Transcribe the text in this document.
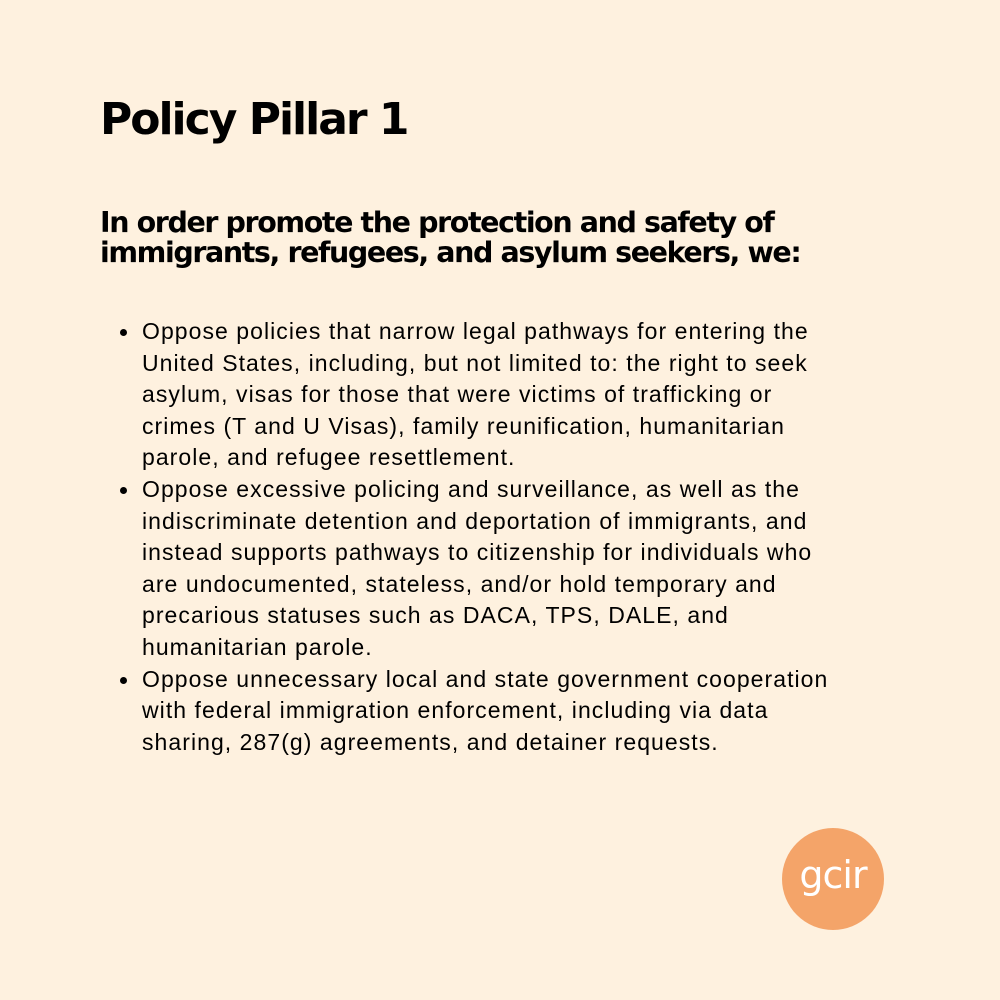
Policy Pillar 1
In order promote the protection and safety of
immigrants, refugees, and asylum seekers, we:
Oppose policies that narrow legal pathways for entering the
United States, including, but not limited to: the right to seek
asylum, visas for those that were victims of trafficking or
crimes (T and U Visas), family reunification, humanitarian
parole, and refugee resettlement.
Oppose excessive policing and surveillance, as well as the
indiscriminate detention and deportation of immigrants, and
instead supports pathways to citizenship for individuals who
are undocumented, stateless, and/or hold temporary and
precarious statuses such as DACA, TPS, DALE, and
humanitarian parole.
Oppose unnecessary local and state government cooperation
with federal immigration enforcement, including via data
sharing, 287(g) agreements, and detainer requests.
gcir
